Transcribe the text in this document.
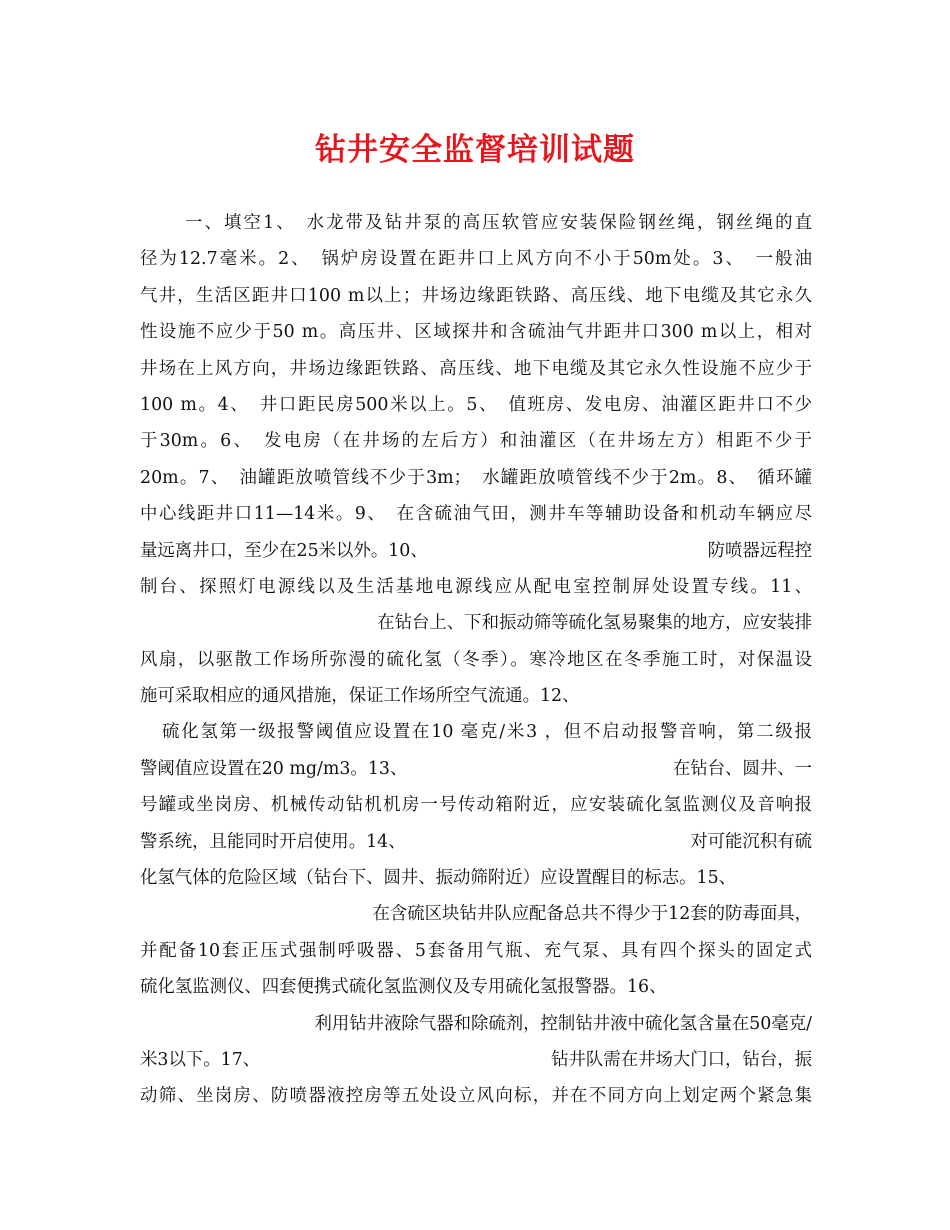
钻井安全监督培训试题
一、填空1、　水龙带及钻井泵的高压软管应安装保险钢丝绳，钢丝绳的直
径为12.7毫米。2、　锅炉房设置在距井口上风方向不小于50m处。3、　一般油
气井，生活区距井口100 m以上；井场边缘距铁路、高压线、地下电缆及其它永久
性设施不应少于50 m。高压井、区域探井和含硫油气井距井口300 m以上，相对
井场在上风方向，井场边缘距铁路、高压线、地下电缆及其它永久性设施不应少于
100 m。4、　井口距民房500米以上。5、　值班房、发电房、油灌区距井口不少
于30m。6、　发电房（在井场的左后方）和油灌区（在井场左方）相距不少于
20m。7、　油罐距放喷管线不少于3m；　水罐距放喷管线不少于2m。8、　循环罐
中心线距井口11—14米。9、　在含硫油气田，测井车等辅助设备和机动车辆应尽
量远离井口，至少在25米以外。10、	防喷器远程控
制台、探照灯电源线以及生活基地电源线应从配电室控制屏处设置专线。11、
在钻台上、下和振动筛等硫化氢易聚集的地方，应安装排
风扇，以驱散工作场所弥漫的硫化氢（冬季）。寒冷地区在冬季施工时，对保温设
施可采取相应的通风措施，保证工作场所空气流通。12、
硫化氢第一级报警阈值应设置在10 毫克/米3 ，但不启动报警音响，第二级报
警阈值应设置在20 mg/m3。13、	在钻台、圆井、一
号罐或坐岗房、机械传动钻机机房一号传动箱附近，应安装硫化氢监测仪及音响报
警系统，且能同时开启使用。14、	对可能沉积有硫
化氢气体的危险区域（钻台下、圆井、振动筛附近）应设置醒目的标志。15、
在含硫区块钻井队应配备总共不得少于12套的防毒面具，
并配备10套正压式强制呼吸器、5套备用气瓶、充气泵、具有四个探头的固定式
硫化氢监测仪、四套便携式硫化氢监测仪及专用硫化氢报警器。16、
利用钻井液除气器和除硫剂，控制钻井液中硫化氢含量在50毫克/
米3以下。17、	钻井队需在井场大门口，钻台，振
动筛、坐岗房、防喷器液控房等五处设立风向标，并在不同方向上划定两个紧急集
